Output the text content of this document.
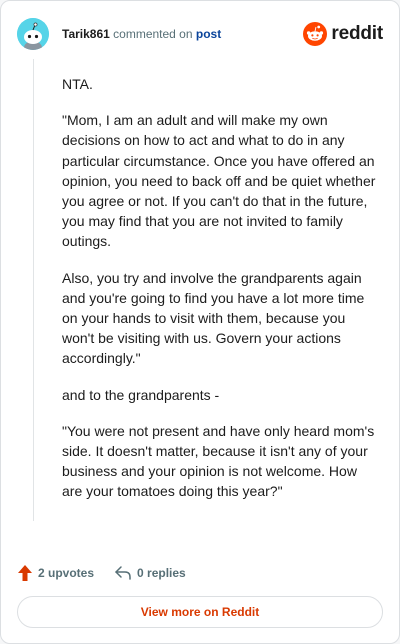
Tarik861 commented on post	reddit

NTA.

"Mom, I am an adult and will make my own decisions on how to act and what to do in any particular circumstance. Once you have offered an opinion, you need to back off and be quiet whether you agree or not. If you can't do that in the future, you may find that you are not invited to family outings.

Also, you try and involve the grandparents again and you're going to find you have a lot more time on your hands to visit with them, because you won't be visiting with us. Govern your actions accordingly."

and to the grandparents -

"You were not present and have only heard mom's side. It doesn't matter, because it isn't any of your business and your opinion is not welcome. How are your tomatoes doing this year?"

2 upvotes	0 replies
View more on Reddit
